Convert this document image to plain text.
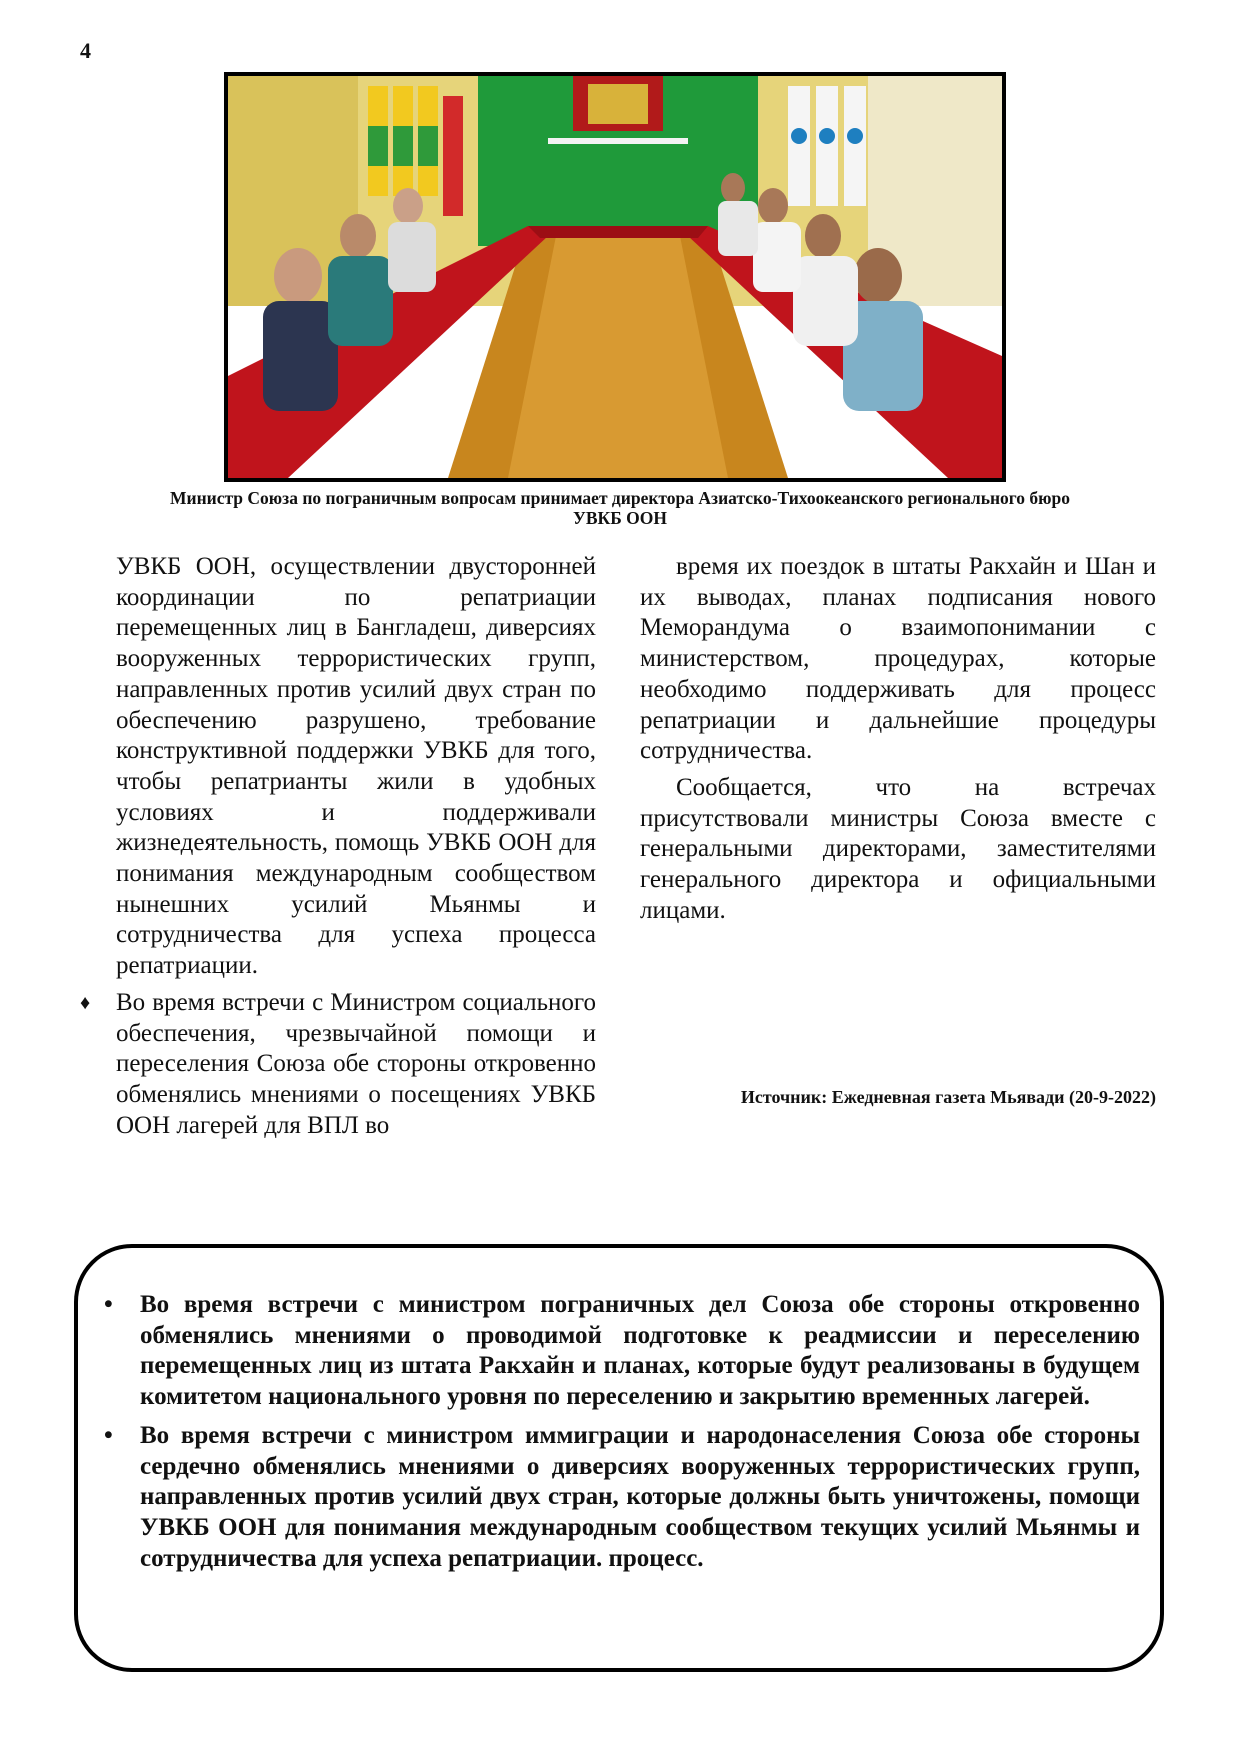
4
Министр Союза по пограничным вопросам принимает директора Азиатско-Тихоокеанского регионального бюро
УВКБ ООН

УВКБ ООН, осуществлении двусторонней координации по репатриации перемещенных лиц в Бангладеш, диверсиях вооруженных террористических групп, направленных против усилий двух стран по обеспечению разрушено, требование конструктивной поддержки УВКБ для того, чтобы репатрианты жили в удобных условиях и поддерживали жизнедеятельность, помощь УВКБ ООН для понимания международным сообществом нынешних усилий Мьянмы и сотрудничества для успеха процесса репатриации.

♦ Во время встречи с Министром социального обеспечения, чрезвычайной помощи и переселения Союза обе стороны откровенно обменялись мнениями о посещениях УВКБ ООН лагерей для ВПЛ во

время их поездок в штаты Ракхайн и Шан и их выводах, планах подписания нового Меморандума о взаимопонимании с министерством, процедурах, которые необходимо поддерживать для процесс репатриации и дальнейшие процедуры сотрудничества.

Сообщается, что на встречах присутствовали министры Союза вместе с генеральными директорами, заместителями генерального директора и официальными лицами.

Источник: Ежедневная газета Мьявади (20-9-2022)
• Во время встречи с министром пограничных дел Союза обе стороны откровенно обменялись мнениями о проводимой подготовке к реадмиссии и переселению перемещенных лиц из штата Ракхайн и планах, которые будут реализованы в будущем комитетом национального уровня по переселению и закрытию временных лагерей.
• Во время встречи с министром иммиграции и народонаселения Союза обе стороны сердечно обменялись мнениями о диверсиях вооруженных террористических групп, направленных против усилий двух стран, которые должны быть уничтожены, помощи УВКБ ООН для понимания международным сообществом текущих усилий Мьянмы и сотрудничества для успеха репатриации. процесс.
